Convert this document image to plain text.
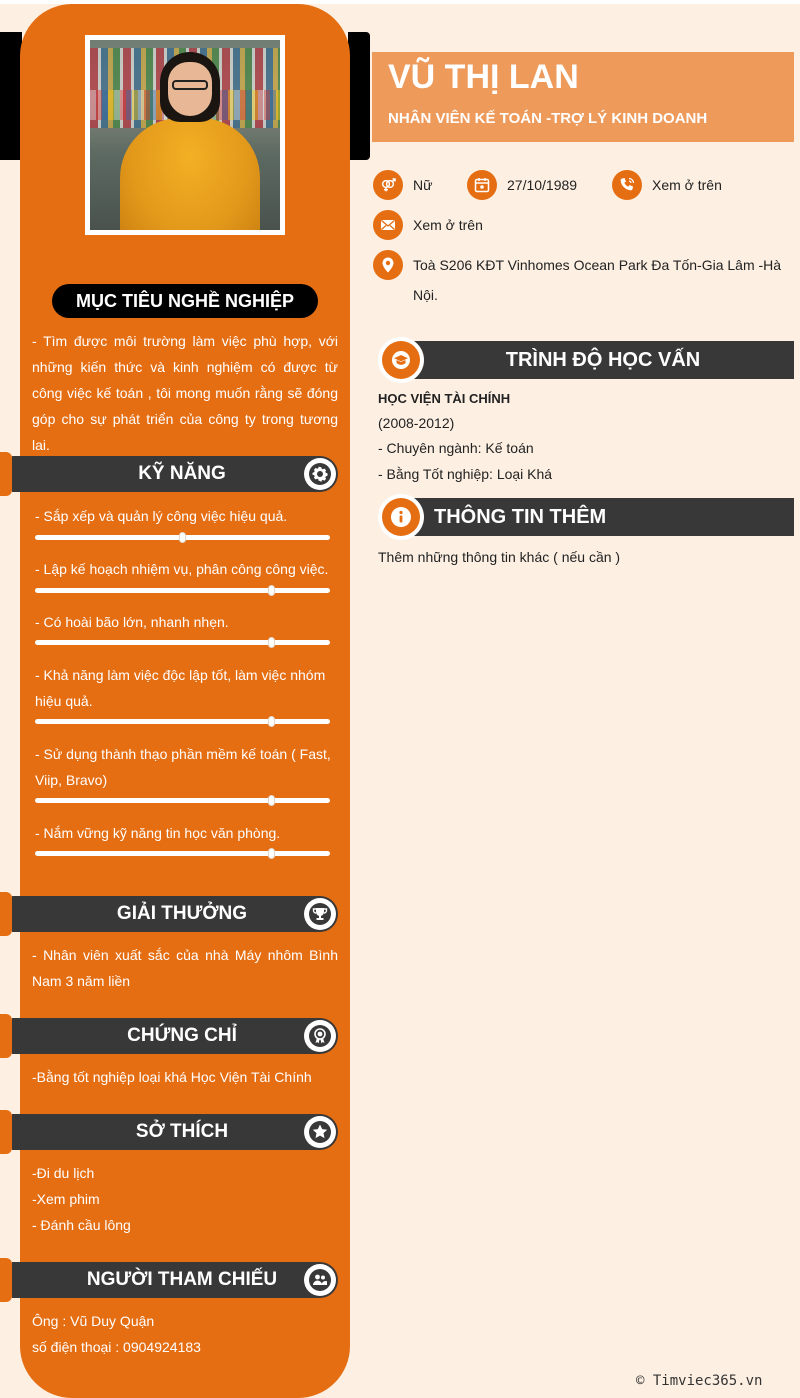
MỤC TIÊU NGHỀ NGHIỆP
- Tìm được môi trường làm việc phù hợp, với những kiến thức và kinh nghiệm có được từ công việc kế toán , tôi mong muốn rằng sẽ đóng góp cho sự phát triển của công ty trong tương lai.
KỸ NĂNG
- Sắp xếp và quản lý công việc hiệu quả.
- Lập kế hoạch nhiệm vụ, phân công công việc.
- Có hoài bão lớn, nhanh nhẹn.
- Khả năng làm việc độc lập tốt, làm việc nhóm hiệu quả.
- Sử dụng thành thạo phần mềm kế toán ( Fast, Viip, Bravo)
- Nắm vững kỹ năng tin học văn phòng.
GIẢI THƯỞNG
- Nhân viên xuất sắc của nhà Máy nhôm Bình Nam 3 năm liền
CHỨNG CHỈ
-Bằng tốt nghiệp loại khá Học Viện Tài Chính
SỞ THÍCH
-Đi du lịch
-Xem phim
- Đánh cầu lông
NGƯỜI THAM CHIẾU
Ông : Vũ Duy Quận
số điện thoại : 0904924183
VŨ THỊ LAN
NHÂN VIÊN KẾ TOÁN -TRỢ LÝ KINH DOANH
Nữ	27/10/1989	Xem ở trên
Xem ở trên
Toà S206 KĐT Vinhomes Ocean Park Đa Tốn-Gia Lâm -Hà Nội.
TRÌNH ĐỘ HỌC VẤN
HỌC VIỆN TÀI CHÍNH
(2008-2012)
- Chuyên ngành: Kế toán
- Bằng Tốt nghiệp: Loại Khá
THÔNG TIN THÊM
Thêm những thông tin khác ( nếu cần )
© Timviec365.vn
